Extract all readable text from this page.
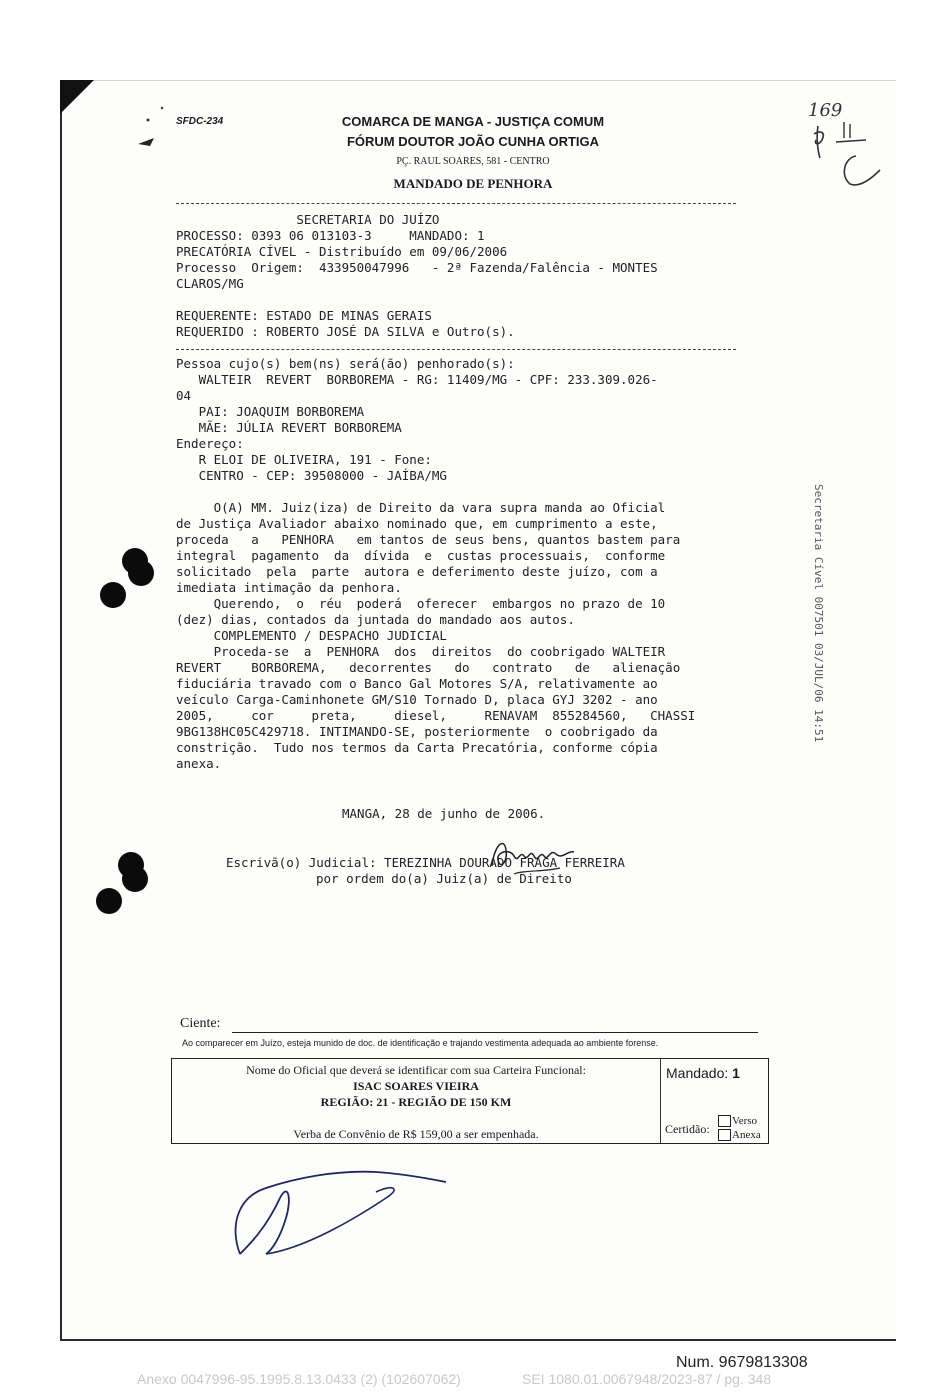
SFDC-234	COMARCA DE MANGA - JUSTIÇA COMUM
FÓRUM DOUTOR JOÃO CUNHA ORTIGA
PÇ. RAUL SOARES, 581 - CENTRO
MANDADO DE PENHORA
169
SECRETARIA DO JUÍZO
PROCESSO: 0393 06 013103-3     MANDADO: 1
PRECATÓRIA CÍVEL - Distribuído em 09/06/2006
Processo  Origem:  433950047996   - 2ª Fazenda/Falência - MONTES
CLAROS/MG
REQUERENTE: ESTADO DE MINAS GERAIS
REQUERIDO : ROBERTO JOSÉ DA SILVA e Outro(s).
Pessoa cujo(s) bem(ns) será(ão) penhorado(s):
WALTEIR  REVERT  BORBOREMA - RG: 11409/MG - CPF: 233.309.026-
04
PAI: JOAQUIM BORBOREMA
MÃE: JÚLIA REVERT BORBOREMA
Endereço:
R ELOI DE OLIVEIRA, 191 - Fone:
CENTRO - CEP: 39508000 - JAÍBA/MG
O(A) MM. Juiz(iza) de Direito da vara supra manda ao Oficial
de Justiça Avaliador abaixo nominado que, em cumprimento a este,
proceda   a   PENHORA   em tantos de seus bens, quantos bastem para
integral  pagamento  da  dívida  e  custas processuais,  conforme
solicitado  pela  parte  autora e deferimento deste juízo, com a
imediata intimação da penhora.
Querendo,  o  réu  poderá  oferecer  embargos no prazo de 10
(dez) dias, contados da juntada do mandado aos autos.
COMPLEMENTO / DESPACHO JUDICIAL
Proceda-se  a  PENHORA  dos  direitos  do coobrigado WALTEIR
REVERT    BORBOREMA,   decorrentes   do   contrato   de   alienação
fiduciária travado com o Banco Gal Motores S/A, relativamente ao
veículo Carga-Caminhonete GM/S10 Tornado D, placa GYJ 3202 - ano
2005,     cor     preta,     diesel,     RENAVAM  855284560,   CHASSI
9BG138HC05C429718. INTIMANDO-SE, posteriormente  o coobrigado da
constrição.  Tudo nos termos da Carta Precatória, conforme cópia
anexa.
MANGA, 28 de junho de 2006.
Escrivã(o) Judicial: TEREZINHA DOURADO FRAGA FERREIRA
por ordem do(a) Juiz(a) de Direito
Secretaria Cível 007501 03/JUL/06 14:51
Ciente:
Ao comparecer em Juízo, esteja munido de doc. de identificação e trajando vestimenta adequada ao ambiente forense.
Nome do Oficial que deverá se identificar com sua Carteira Funcional:
ISAC SOARES VIEIRA
REGIÃO: 21 - REGIÃO DE 150 KM
Verba de Convênio de R$ 159,00 a ser empenhada.
Mandado: 1
Certidão:
Verso
Anexa
Num. 9679813308
Anexo 0047996-95.1995.8.13.0433 (2) (102607062)	SEI 1080.01.0067948/2023-87 / pg. 348
